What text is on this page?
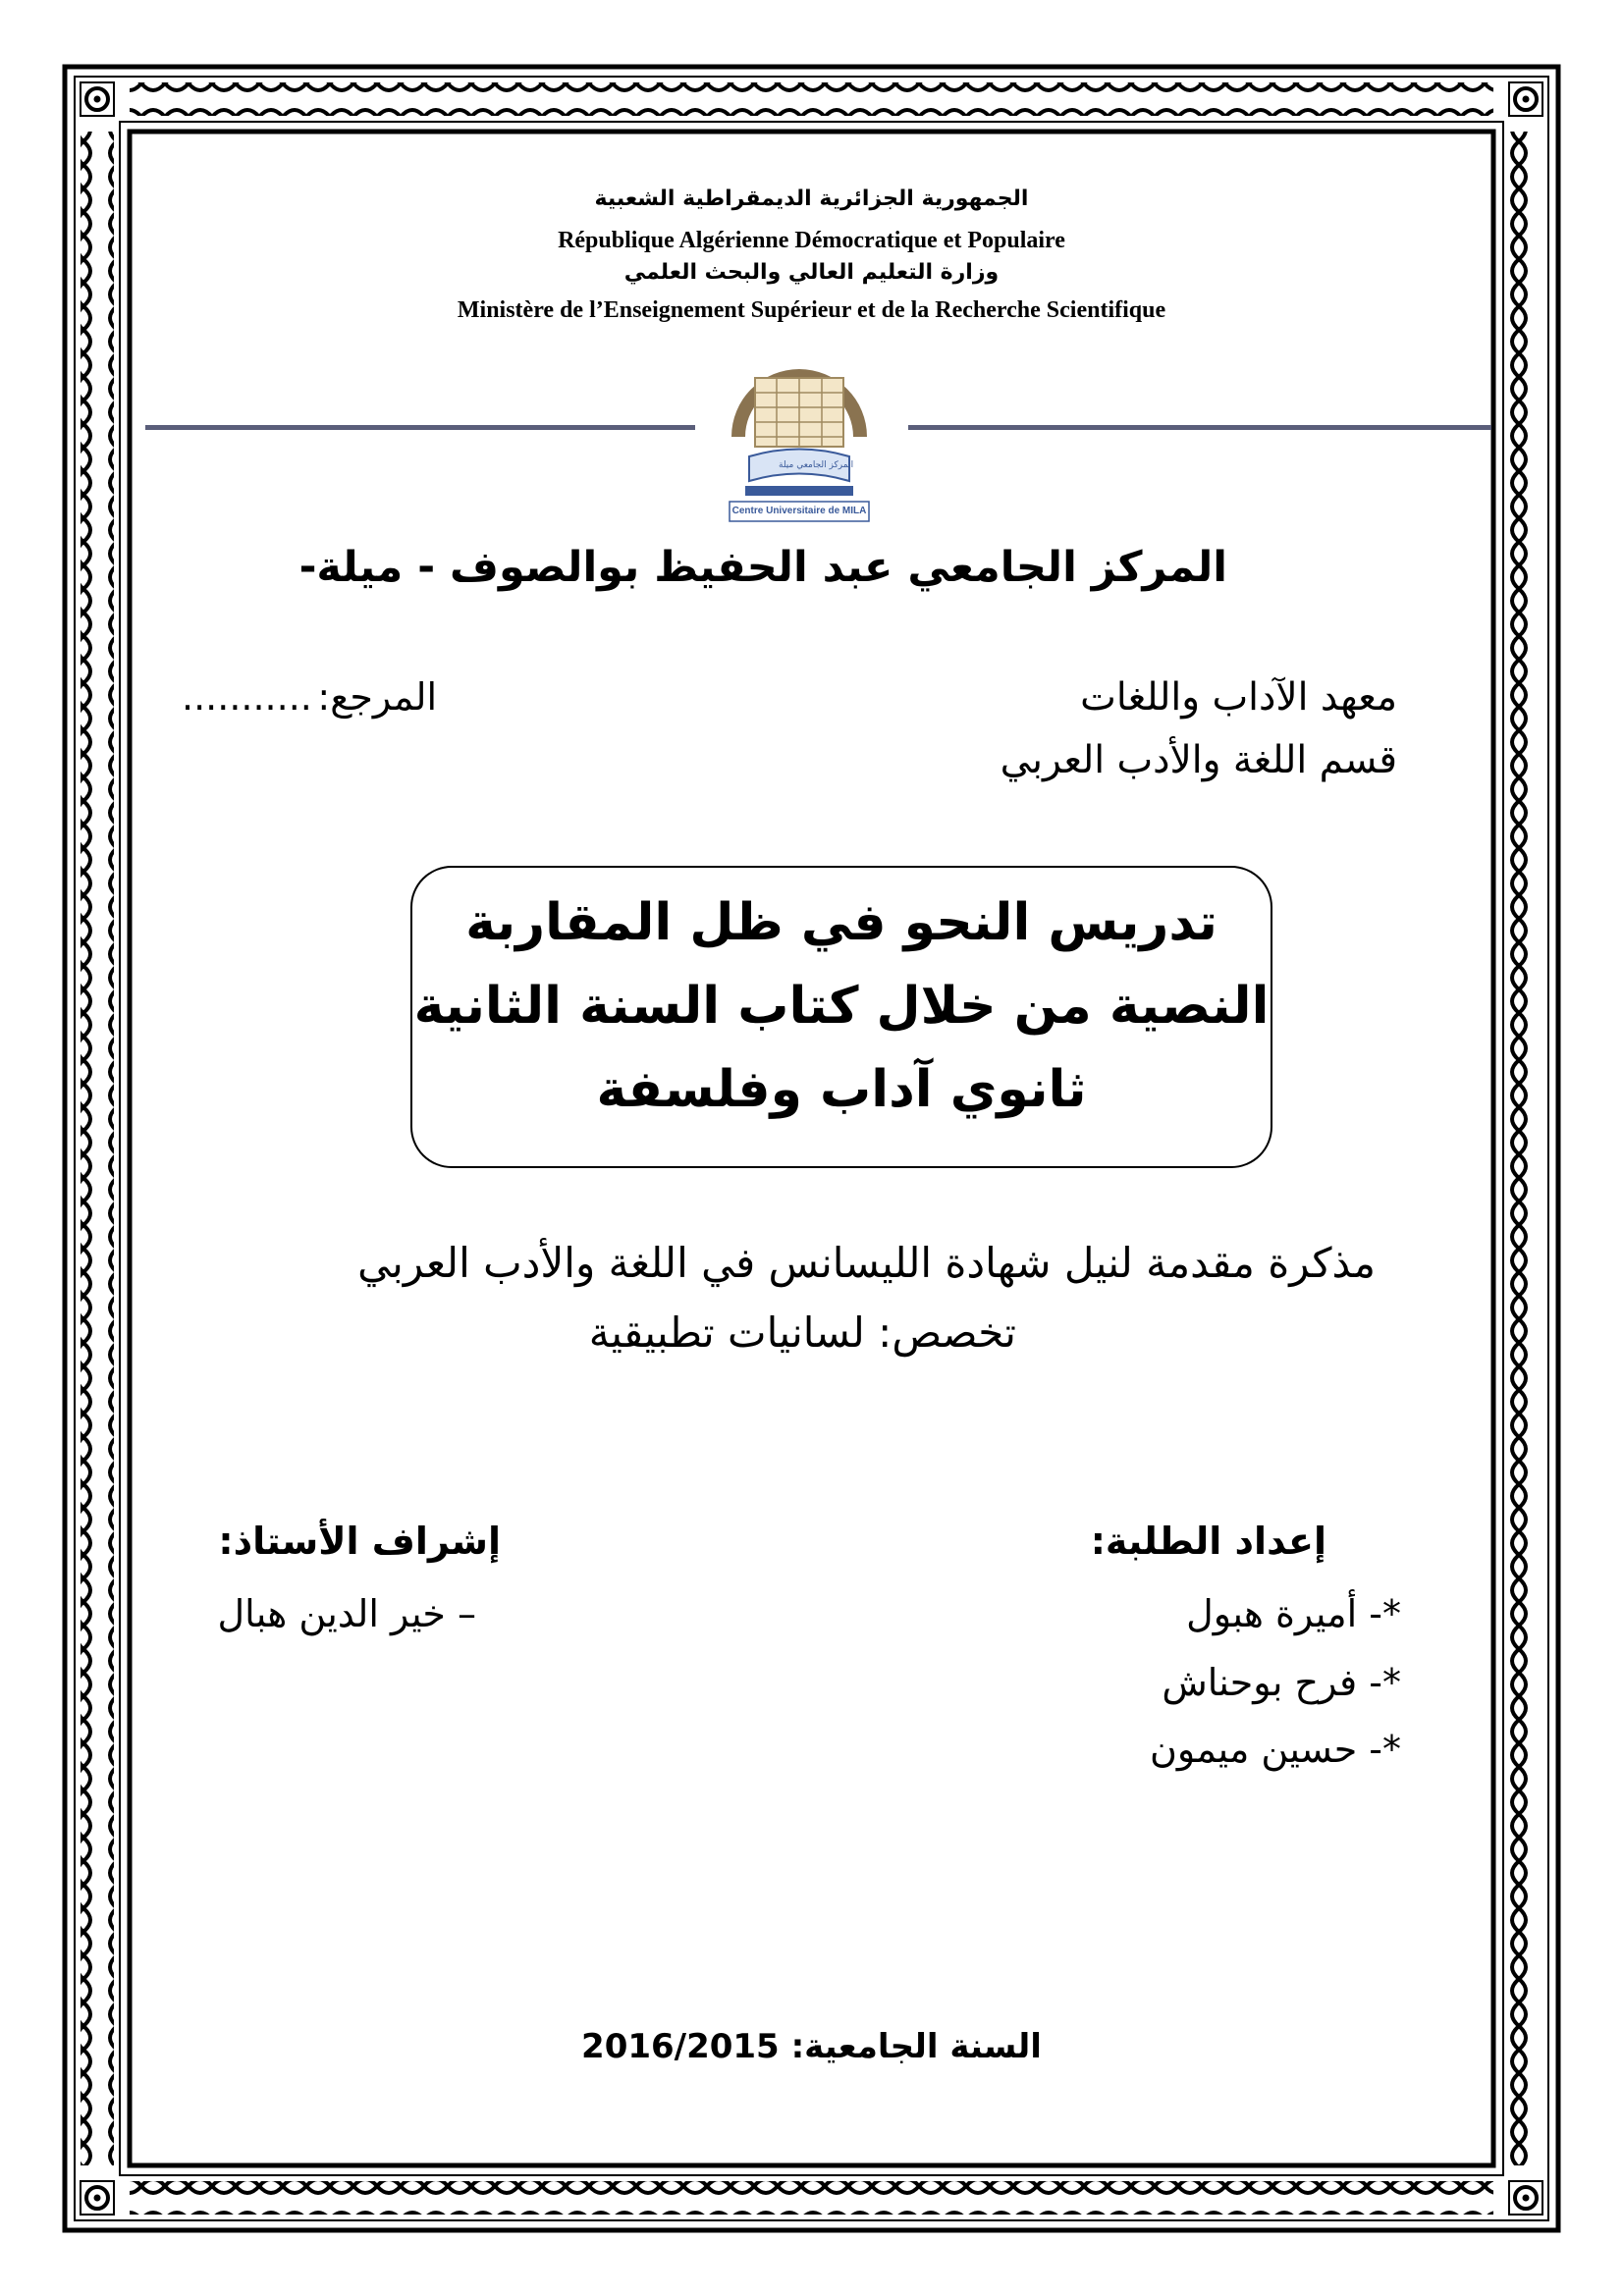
الجمهورية الجزائرية الديمقراطية الشعبية
République Algérienne Démocratique et Populaire
وزارة التعليم العالي والبحث العلمي
Ministère de l’Enseignement Supérieur et de la Recherche Scientifique
المركز الجامعي ميلة
Centre Universitaire de MILA
المركز الجامعي عبد الحفيظ بوالصوف - ميلة-
معهد الآداب واللغات
قسم اللغة والأدب العربي
المرجع:
...........
تدريس النحو في ظل المقاربة
النصية من خلال كتاب السنة الثانية
ثانوي آداب وفلسفة
مذكرة مقدمة لنيل شهادة الليسانس في اللغة والأدب العربي
تخصص: لسانيات تطبيقية
إعداد الطلبة:
*- أميرة هبول
*- فرح بوحناش
*- حسين ميمون
إشراف الأستاذ:
– خير الدين هبال
السنة الجامعية: 2016/2015
